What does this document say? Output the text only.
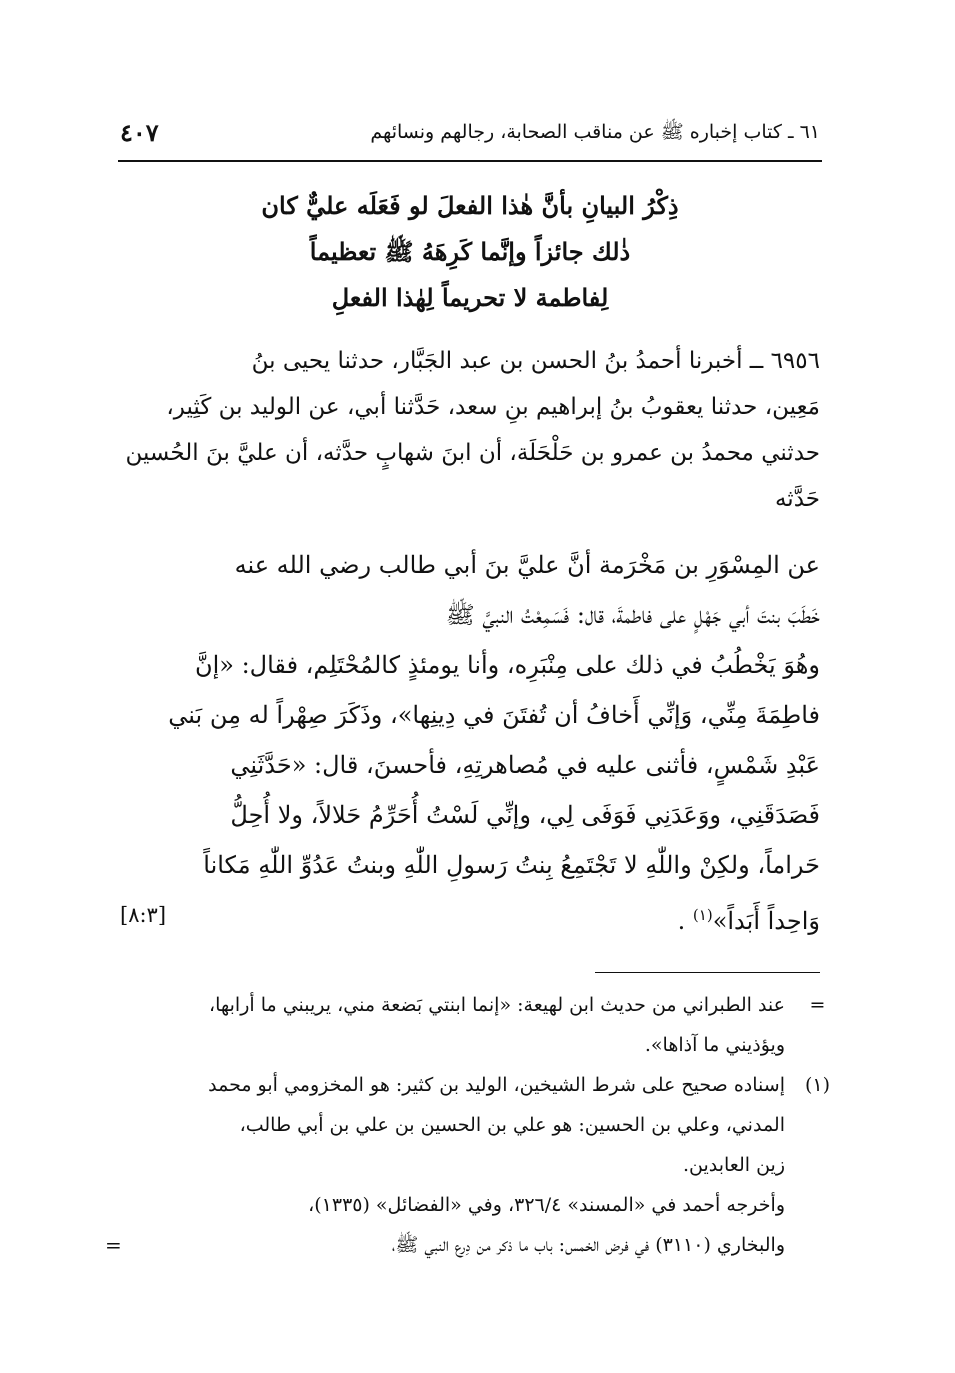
٦١ ـ كتاب إخباره ﷺ عن مناقب الصحابة، رجالهم ونسائهم
٤٠٧
ذِكْرُ البيانِ بأنَّ هٰذا الفعلَ لو فَعَلَه عليٌّ كان
ذٰلك جائزاً وإنَّما كَرِهَهُ ﷺ تعظيماً
لِفاطمة لا تحريماً لِهٰذا الفعلِ
٦٩٥٦ ــ أخبرنا أحمدُ بنُ الحسن بن عبد الجَبَّار، حدثنا يحيى بنُ
مَعِين، حدثنا يعقوبُ بنُ إبراهيم بنِ سعد، حَدَّثنا أبي، عن الوليد بن كَثِير،
حدثني محمدُ بن عمرو بن حَلْحَلَة، أن ابنَ شهابٍ حدَّثه، أن عليَّ بنَ الحُسين
حَدَّثه
عن المِسْوَرِ بن مَخْرَمة أنَّ عليَّ بنَ أبي طالب رضي الله عنه
خَطَبَ بنتَ أبي جَهْلٍ على فاطمةَ، قال: فَسَمِعْتُ النبيَّ ﷺ
وهُوَ يَخْطُبُ في ذلك على مِنْبَرِه، وأنا يومئذٍ كالمُحْتَلِم، فقال: «إنَّ
فاطِمَةَ مِنِّي، وَإنِّي أَخافُ أن تُفتَنَ في دِينِها»، وذَكَرَ صِهْراً له مِن بَني
عَبْدِ شَمْسٍ، فأثنى عليه في مُصاهرتِهِ، فأحسنَ، قال: «حَدَّثَنِي
فَصَدَقَنِي، ووَعَدَنِي فَوَفَى لِي، وإنِّي لَسْتُ أُحَرِّمُ حَلالاً، ولا أُحِلُّ
حَراماً، ولكِنْ واللّٰهِ لا تَجْتَمِعُ بِنتُ رَسولِ اللّٰهِ وبنتُ عَدُوِّ اللّٰهِ مَكاناً
وَاحِداً أَبَداً»$^{(١)}$ .
[٨:٣]
=
عند الطبراني من حديث ابن لهيعة: «إنما ابنتي بَضعة مني، يريبني ما أرابها،
ويؤذيني ما آذاها».
(١)
إسناده صحيح على شرط الشيخين، الوليد بن كثير: هو المخزومي أبو محمد
المدني، وعلي بن الحسين: هو علي بن الحسين بن علي بن أبي طالب،
زين العابدين.
وأخرجه أحمد في «المسند» ٣٢٦/٤، وفي «الفضائل» (١٣٣٥)،
والبخاري (٣١١٠) في فرض الخمس: باب ما ذكر من دِرع النبي ﷺ،
=
